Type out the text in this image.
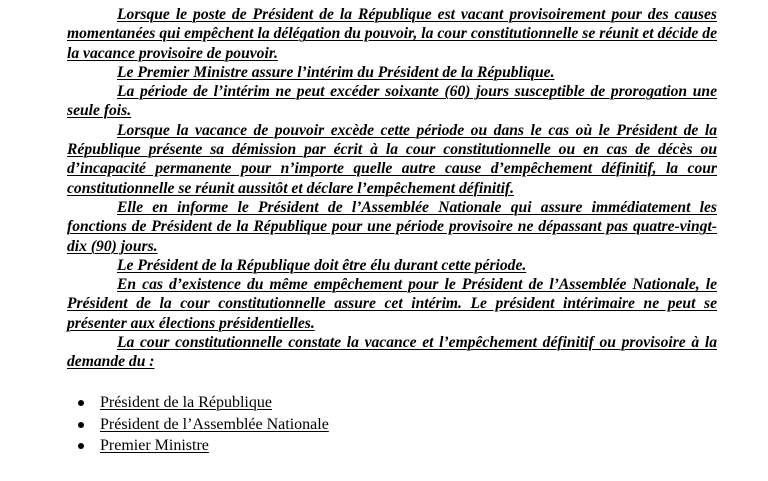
Lorsque le poste de Président de la République est vacant provisoirement pour des causes momentanées qui empêchent la délégation du pouvoir, la cour constitutionnelle se réunit et décide de la vacance provisoire de pouvoir.

Le Premier Ministre assure l’intérim du Président de la République.

La période de l’intérim ne peut excéder soixante (60) jours susceptible de prorogation une seule fois.

Lorsque la vacance de pouvoir excède cette période ou dans le cas où le Président de la République présente sa démission par écrit à la cour constitutionnelle ou en cas de décès ou d’incapacité permanente pour n’importe quelle autre cause d’empêchement définitif, la cour constitutionnelle se réunit aussitôt et déclare l’empêchement définitif.

Elle en informe le Président de l’Assemblée Nationale qui assure immédiatement les fonctions de Président de la République pour une période provisoire ne dépassant pas quatre-vingt-dix (90) jours.

Le Président de la République doit être élu durant cette période.

En cas d’existence du même empêchement pour le Président de l’Assemblée Nationale, le Président de la cour constitutionnelle assure cet intérim. Le président intérimaire ne peut se présenter aux élections présidentielles.

La cour constitutionnelle constate la vacance et l’empêchement définitif ou provisoire à la demande du :

Président de la République
Président de l’Assemblée Nationale
Premier Ministre
